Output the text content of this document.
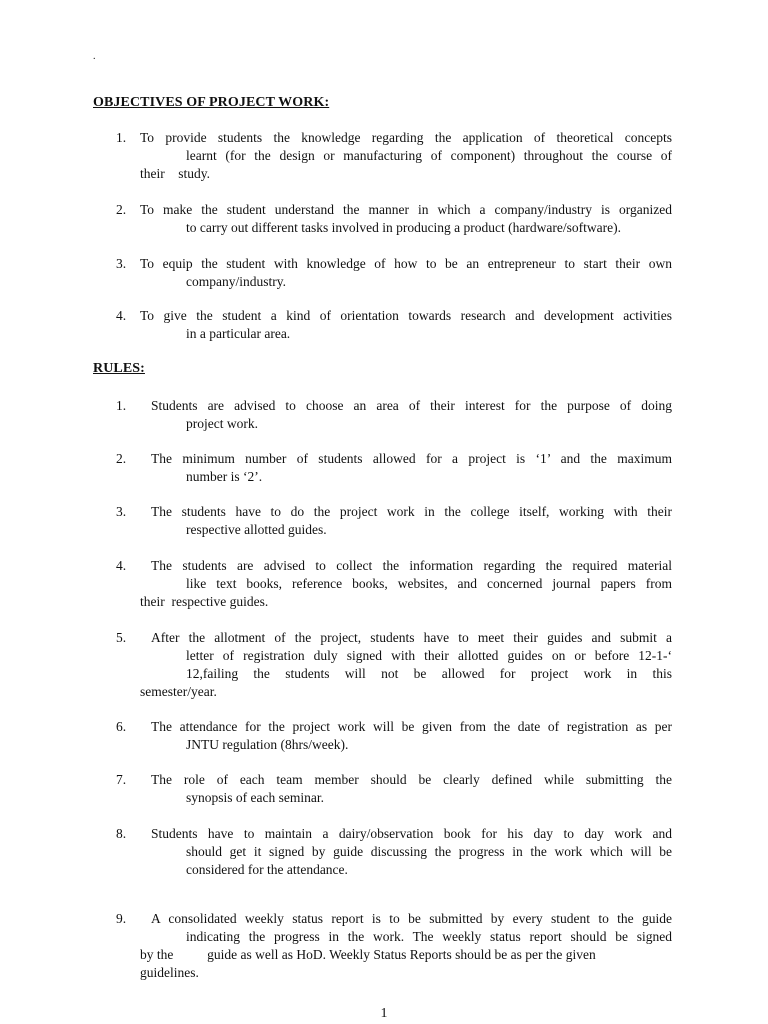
.
OBJECTIVES OF PROJECT WORK:
1.	To provide students the knowledge regarding the application of theoretical concepts
learnt (for the design or manufacturing of component) throughout the course of
their    study.
2.	To make the student understand the manner in which a company/industry is organized
to carry out different tasks involved in producing a product (hardware/software).
3.	To equip the student with knowledge of how to be an entrepreneur to start their own
company/industry.
4.	To give the student a kind of orientation towards research and development activities
in a particular area.
RULES:
1.	Students are advised to choose an area of their interest for the purpose of doing
project work.
2.	The minimum number of students allowed for a project is ‘1’ and the maximum
number is ‘2’.
3.	The students have to do the project work in the college itself, working with their
respective allotted guides.
4.	The students are advised to collect the information regarding the required material
like text books, reference books, websites, and concerned journal papers from
their  respective guides.
5.	After the allotment of the project, students have to meet their guides and submit a
letter of registration duly signed with their allotted guides on or before 12-1-‘
12,failing the students will not be allowed for project work in this
semester/year.
6.	The attendance for the project work will be given from the date of registration as per
JNTU regulation (8hrs/week).
7.	The role of each team member should be clearly defined while submitting the
synopsis of each seminar.
8.	Students have to maintain a dairy/observation book for his day to day work and
should get it signed by guide discussing the progress in the work which will be
considered for the attendance.
9.	A consolidated weekly status report is to be submitted by every student to the guide
indicating the progress in the work. The weekly status report should be signed
by the          guide as well as HoD. Weekly Status Reports should be as per the given
guidelines.
1
